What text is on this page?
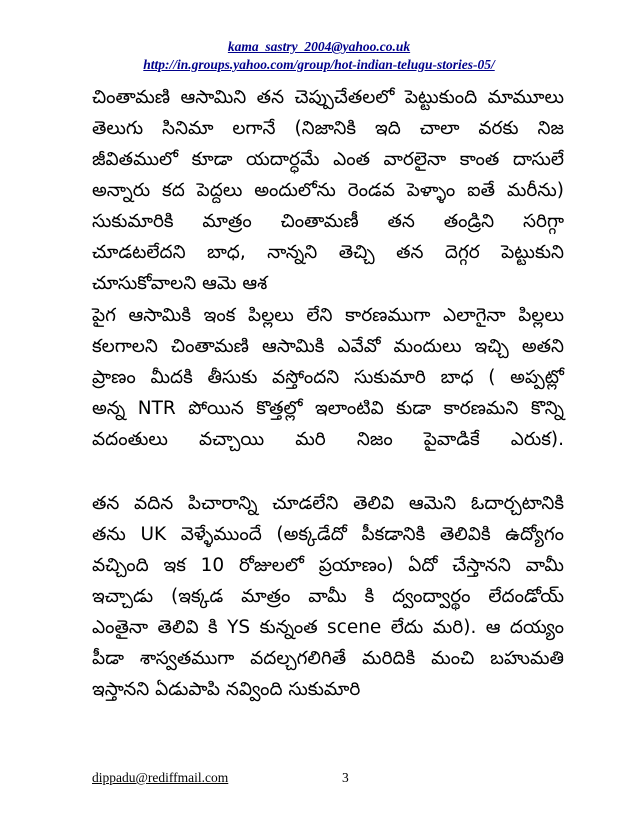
kama_sastry_2004@yahoo.co.uk
http://in.groups.yahoo.com/group/hot-indian-telugu-stories-05/

చింతామణి ఆసామిని తన చెప్పుచేతలలో పెట్టుకుంది మామూలు
తెలుగు సినిమా లగానే (నిజానికి ఇది చాలా వరకు నిజ
జీవితములో కూడా యదార్ధమే ఎంత వారలైనా కాంత దాసులే
అన్నారు కద పెద్దలు అందులోను రెండవ పెళ్ళాం ఐతే మరీను)
సుకుమారికి మాత్రం చింతామణీ తన తండ్రిని సరిగ్గా
చూడటలేదని బాధ, నాన్నని తెచ్చి తన దెగ్గర పెట్టుకుని
చూసుకోవాలని ఆమె ఆశ

పైగ ఆసామికి ఇంక పిల్లలు లేని కారణముగా ఎలాగైనా పిల్లలు
కలగాలని చింతామణి ఆసామికి ఎవేవో మందులు ఇచ్చి అతని
ప్రాణం మీదకి తీసుకు వస్తోందని సుకుమారి బాధ ( అప్పట్లో
అన్న NTR పోయిన కొత్తల్లో ఇలాంటివి కుడా కారణమని కొన్ని
వదంతులు వచ్చాయి మరి నిజం పైవాడికే ఎరుక).

తన వదిన పిచారాన్ని చూడలేని తెలివి ఆమెని ఓదార్చటానికి
తను UK వెళ్ళేముందే (అక్కడేదో పీకడానికి తెలివికి ఉద్యోగం
వచ్చింది ఇక 10 రోజులలో ప్రయాణం) ఏదో చేస్తానని వామీ
ఇచ్చాడు (ఇక్కడ మాత్రం వామీ కి ద్వంద్వార్థం లేదండోయ్
ఎంతైనా తెలివి కి YS కున్నంత scene లేదు మరి). ఆ దయ్యం
పీడా శాస్వతముగా వదల్చగలిగితే మరిదికి మంచి బహుమతి
ఇస్తానని ఏడుపాపి నవ్వింది సుకుమారి

dippadu@rediffmail.com	3
